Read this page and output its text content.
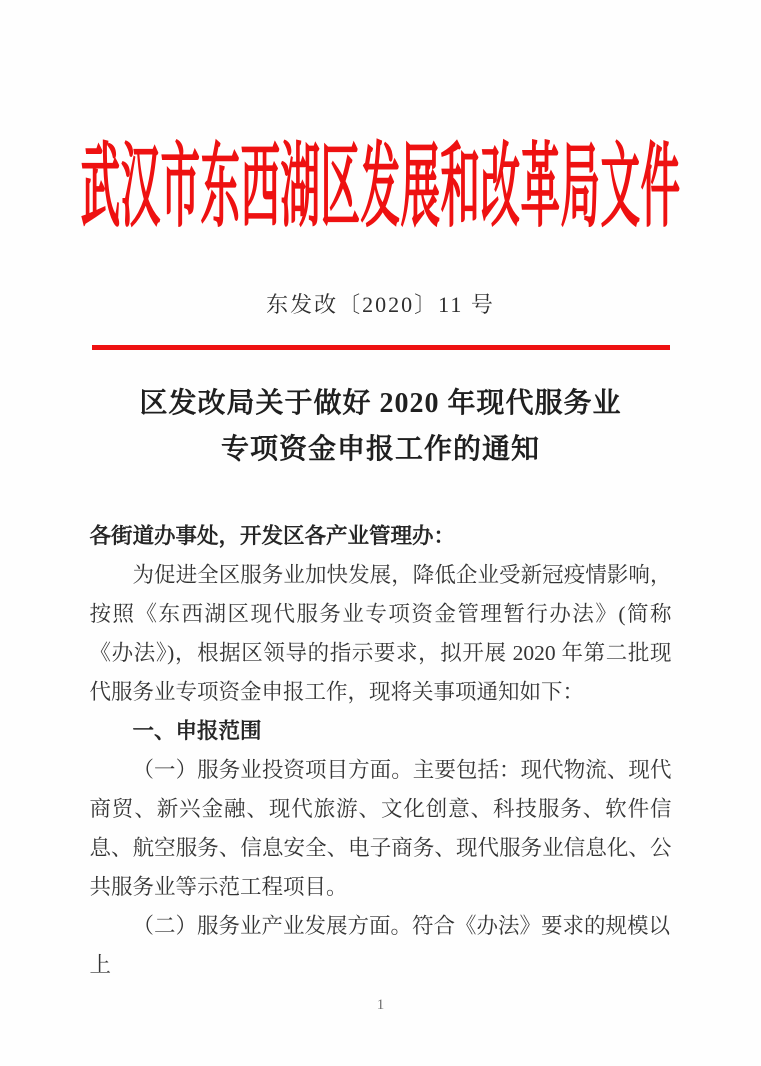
武汉市东西湖区发展和改革局文件
东发改〔2020〕11 号
区发改局关于做好 2020 年现代服务业
专项资金申报工作的通知
各街道办事处，开发区各产业管理办：

为促进全区服务业加快发展，降低企业受新冠疫情影响，按照《东西湖区现代服务业专项资金管理暂行办法》(简称《办法》)，根据区领导的指示要求，拟开展 2020 年第二批现代服务业专项资金申报工作，现将关事项通知如下：

一、申报范围

（一）服务业投资项目方面。主要包括：现代物流、现代商贸、新兴金融、现代旅游、文化创意、科技服务、软件信息、航空服务、信息安全、电子商务、现代服务业信息化、公共服务业等示范工程项目。

（二）服务业产业发展方面。符合《办法》要求的规模以上

1
